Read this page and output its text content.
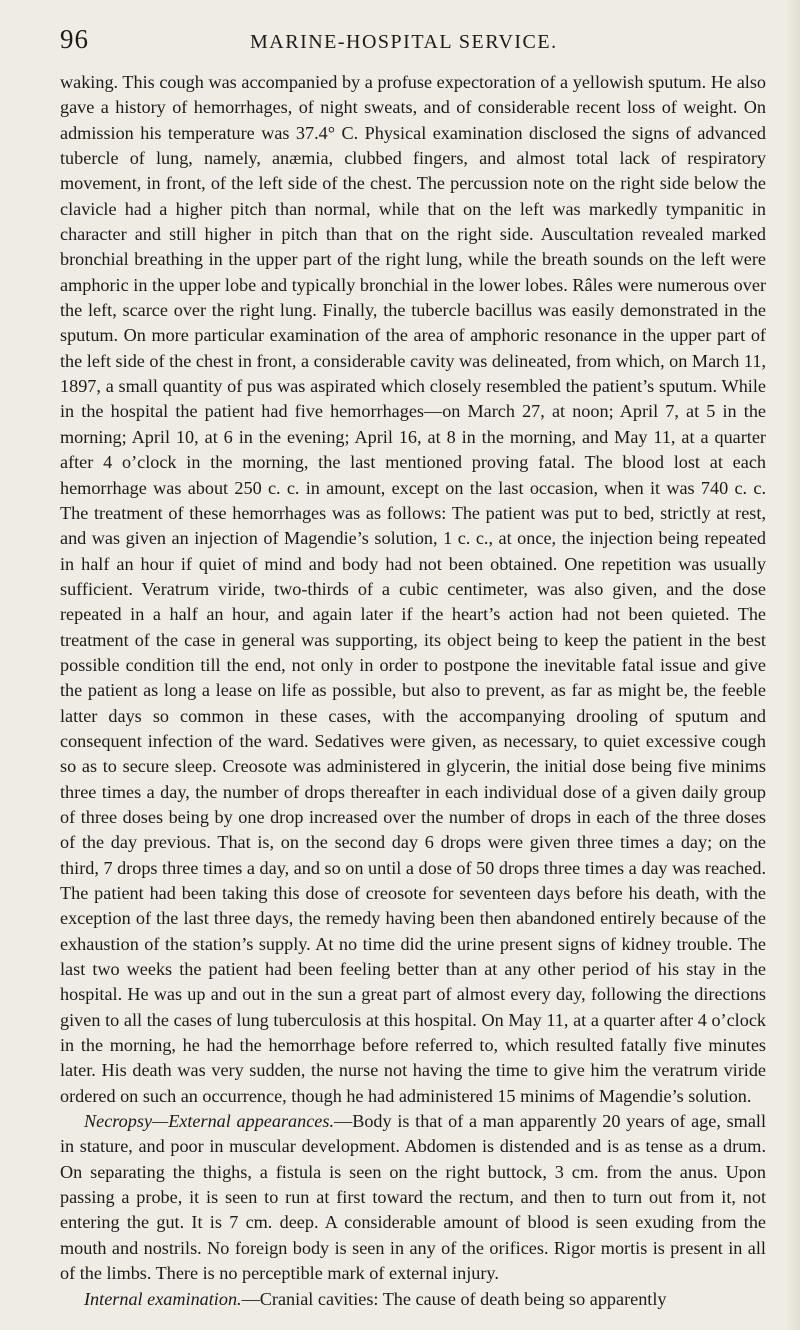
96	MARINE-HOSPITAL SERVICE.

waking. This cough was accompanied by a profuse expectoration of a yellowish sputum. He also gave a history of hemorrhages, of night sweats, and of considerable recent loss of weight. On admission his temperature was 37.4° C. Physical examination disclosed the signs of advanced tubercle of lung, namely, anæmia, clubbed fingers, and almost total lack of respiratory movement, in front, of the left side of the chest. The percussion note on the right side below the clavicle had a higher pitch than normal, while that on the left was markedly tympanitic in character and still higher in pitch than that on the right side. Auscultation revealed marked bronchial breathing in the upper part of the right lung, while the breath sounds on the left were amphoric in the upper lobe and typically bronchial in the lower lobes. Râles were numerous over the left, scarce over the right lung. Finally, the tubercle bacillus was easily demonstrated in the sputum. On more particular examination of the area of amphoric resonance in the upper part of the left side of the chest in front, a considerable cavity was delineated, from which, on March 11, 1897, a small quantity of pus was aspirated which closely resembled the patient’s sputum. While in the hospital the patient had five hemorrhages—on March 27, at noon; April 7, at 5 in the morning; April 10, at 6 in the evening; April 16, at 8 in the morning, and May 11, at a quarter after 4 o’clock in the morning, the last mentioned proving fatal. The blood lost at each hemorrhage was about 250 c. c. in amount, except on the last occasion, when it was 740 c. c. The treatment of these hemorrhages was as follows: The patient was put to bed, strictly at rest, and was given an injection of Magendie’s solution, 1 c. c., at once, the injection being repeated in half an hour if quiet of mind and body had not been obtained. One repetition was usually sufficient. Veratrum viride, two-thirds of a cubic centimeter, was also given, and the dose repeated in a half an hour, and again later if the heart’s action had not been quieted. The treatment of the case in general was supporting, its object being to keep the patient in the best possible condition till the end, not only in order to postpone the inevitable fatal issue and give the patient as long a lease on life as possible, but also to prevent, as far as might be, the feeble latter days so common in these cases, with the accompanying drooling of sputum and consequent infection of the ward. Sedatives were given, as necessary, to quiet excessive cough so as to secure sleep. Creosote was administered in glycerin, the initial dose being five minims three times a day, the number of drops thereafter in each individual dose of a given daily group of three doses being by one drop increased over the number of drops in each of the three doses of the day previous. That is, on the second day 6 drops were given three times a day; on the third, 7 drops three times a day, and so on until a dose of 50 drops three times a day was reached. The patient had been taking this dose of creosote for seventeen days before his death, with the exception of the last three days, the remedy having been then abandoned entirely because of the exhaustion of the station’s supply. At no time did the urine present signs of kidney trouble. The last two weeks the patient had been feeling better than at any other period of his stay in the hospital. He was up and out in the sun a great part of almost every day, following the directions given to all the cases of lung tuberculosis at this hospital. On May 11, at a quarter after 4 o’clock in the morning, he had the hemorrhage before referred to, which resulted fatally five minutes later. His death was very sudden, the nurse not having the time to give him the veratrum viride ordered on such an occurrence, though he had administered 15 minims of Magendie’s solution.

Necropsy—External appearances.—Body is that of a man apparently 20 years of age, small in stature, and poor in muscular development. Abdomen is distended and is as tense as a drum. On separating the thighs, a fistula is seen on the right buttock, 3 cm. from the anus. Upon passing a probe, it is seen to run at first toward the rectum, and then to turn out from it, not entering the gut. It is 7 cm. deep. A considerable amount of blood is seen exuding from the mouth and nostrils. No foreign body is seen in any of the orifices. Rigor mortis is present in all of the limbs. There is no perceptible mark of external injury.

Internal examination.—Cranial cavities: The cause of death being so apparently
